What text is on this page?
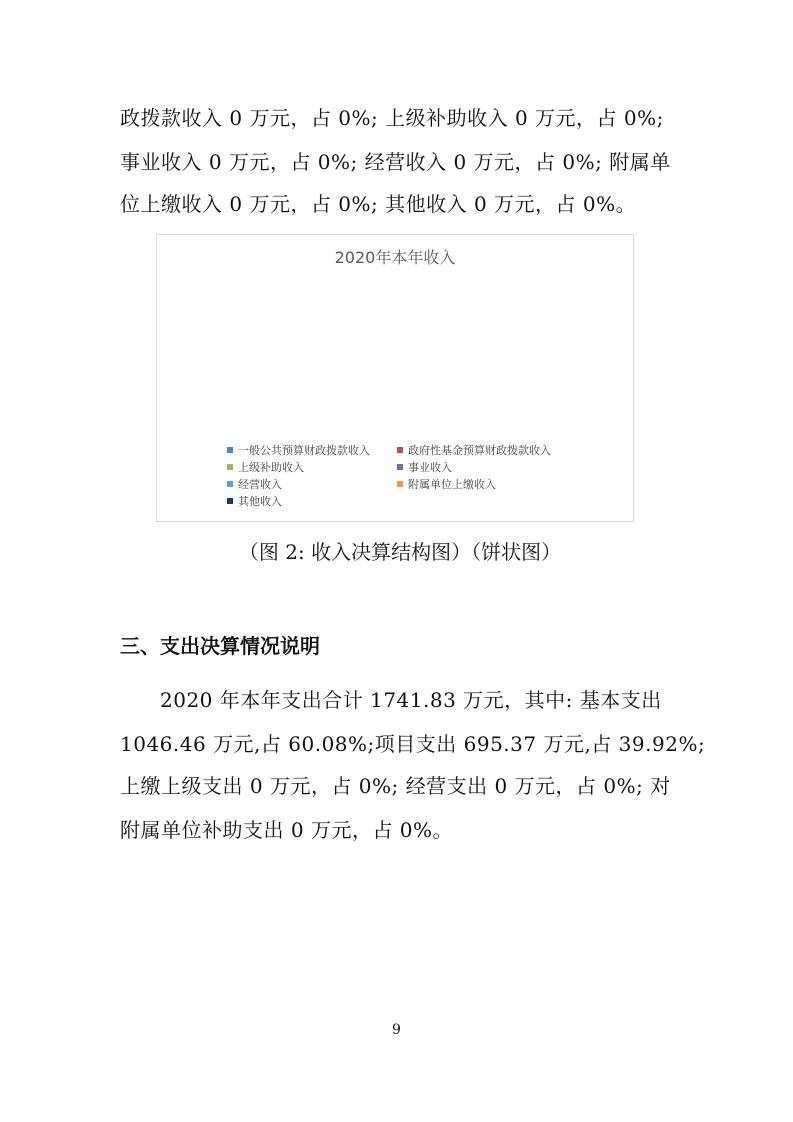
政拨款收入 0 万元，占 0%; 上级补助收入 0 万元，占 0%;
事业收入 0 万元，占 0%; 经营收入 0 万元，占 0%; 附属单
位上缴收入 0 万元，占 0%; 其他收入 0 万元，占 0%。
2020年本年收入
一般公共预算财政拨款收入	政府性基金预算财政拨款收入
上级补助收入	事业收入
经营收入	附属单位上缴收入
其他收入
（图 2: 收入决算结构图）（饼状图）
三、支出决算情况说明
2020 年本年支出合计 1741.83 万元，其中: 基本支出
1046.46 万元,占 60.08%;项目支出 695.37 万元,占 39.92%;
上缴上级支出 0 万元，占 0%; 经营支出 0 万元，占 0%; 对
附属单位补助支出 0 万元，占 0%。
9
